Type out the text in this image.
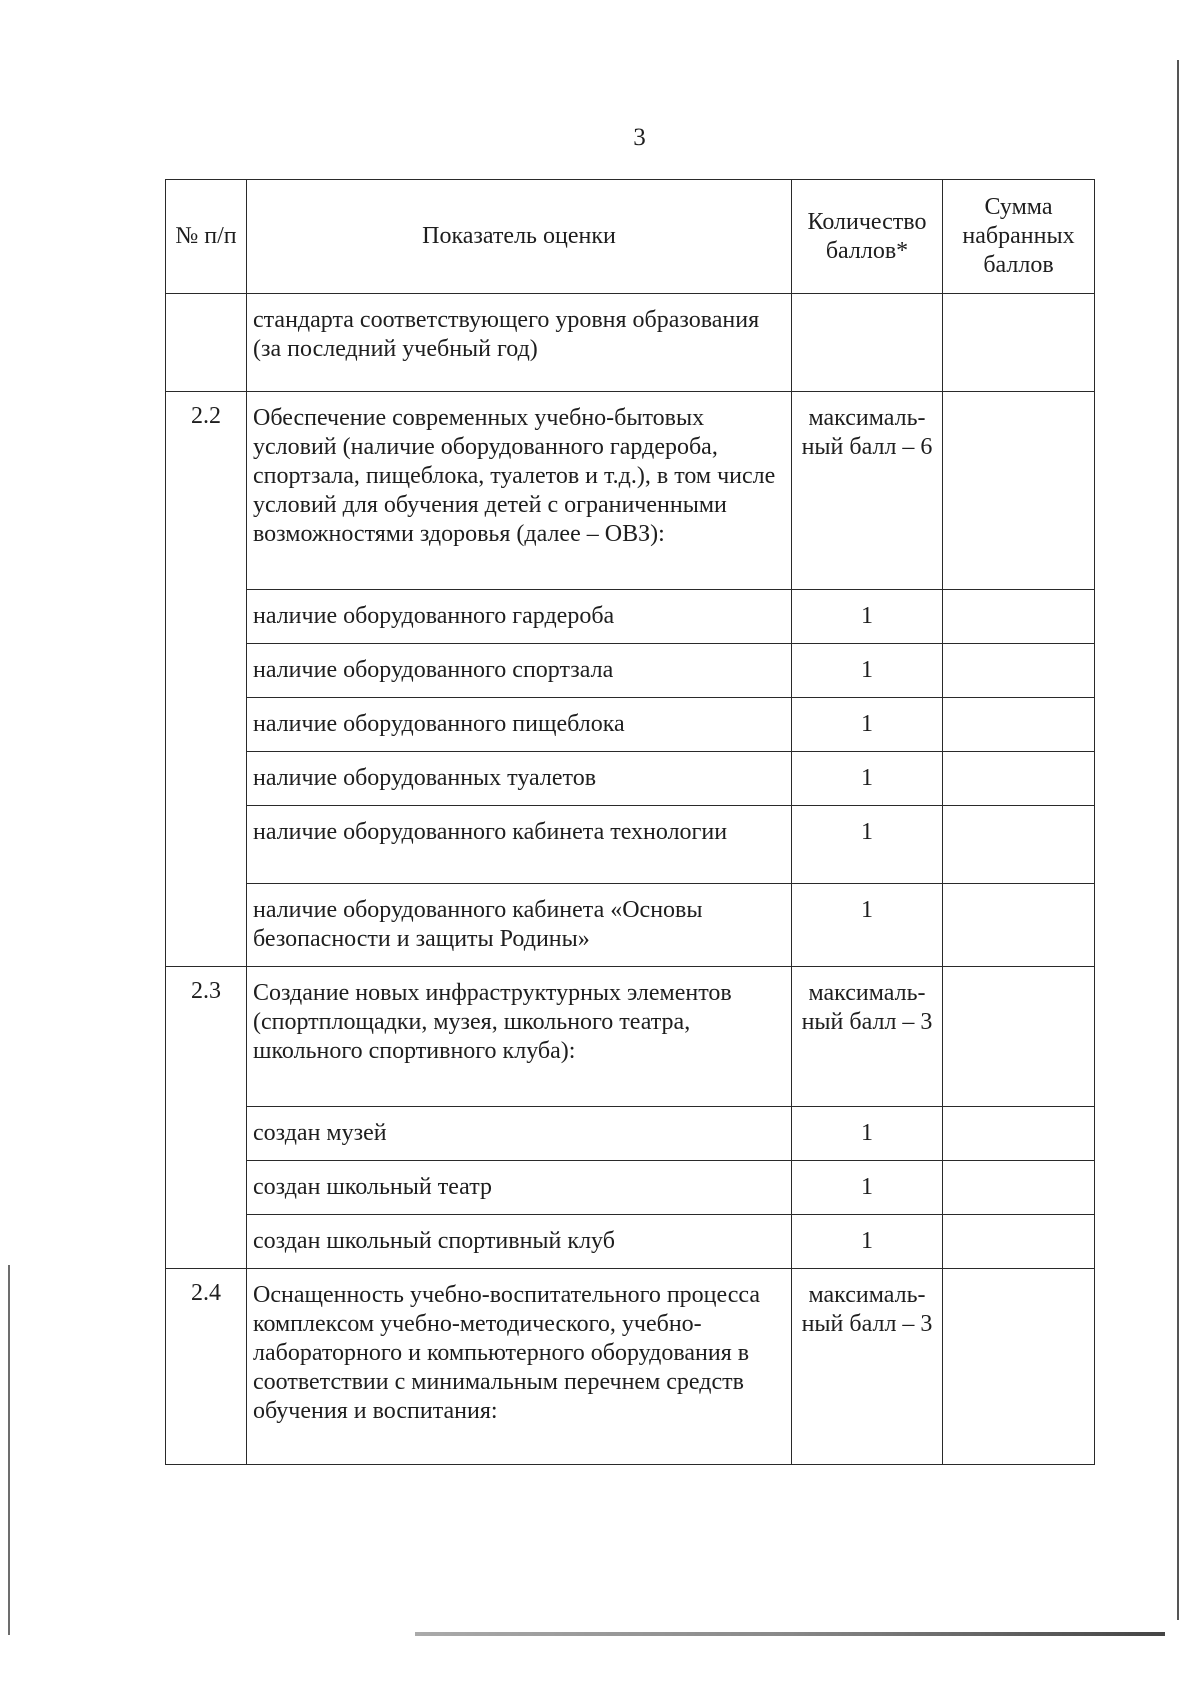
3
№ п/п	Показатель оценки	Количество баллов*	Сумма набранных баллов
	стандарта соответствующего уровня образования (за последний учебный год)		
2.2	Обеспечение современных учебно-бытовых условий (наличие оборудованного гардероба, спортзала, пищеблока, туалетов и т.д.), в том числе условий для обучения детей с ограниченными возможностями здоровья (далее – ОВЗ):	максималь-ный балл – 6	
	наличие оборудованного гардероба	1	
	наличие оборудованного спортзала	1	
	наличие оборудованного пищеблока	1	
	наличие оборудованных туалетов	1	
	наличие оборудованного кабинета технологии	1	
	наличие оборудованного кабинета «Основы безопасности и защиты Родины»	1	
2.3	Создание новых инфраструктурных элементов (спортплощадки, музея, школьного театра, школьного спортивного клуба):	максималь-ный балл – 3	
	создан музей	1	
	создан школьный театр	1	
	создан школьный спортивный клуб	1	
2.4	Оснащенность учебно-воспитательного процесса комплексом учебно-методического, учебно-лабораторного и компьютерного оборудования в соответствии с минимальным перечнем средств обучения и воспитания:	максималь-ный балл – 3	
